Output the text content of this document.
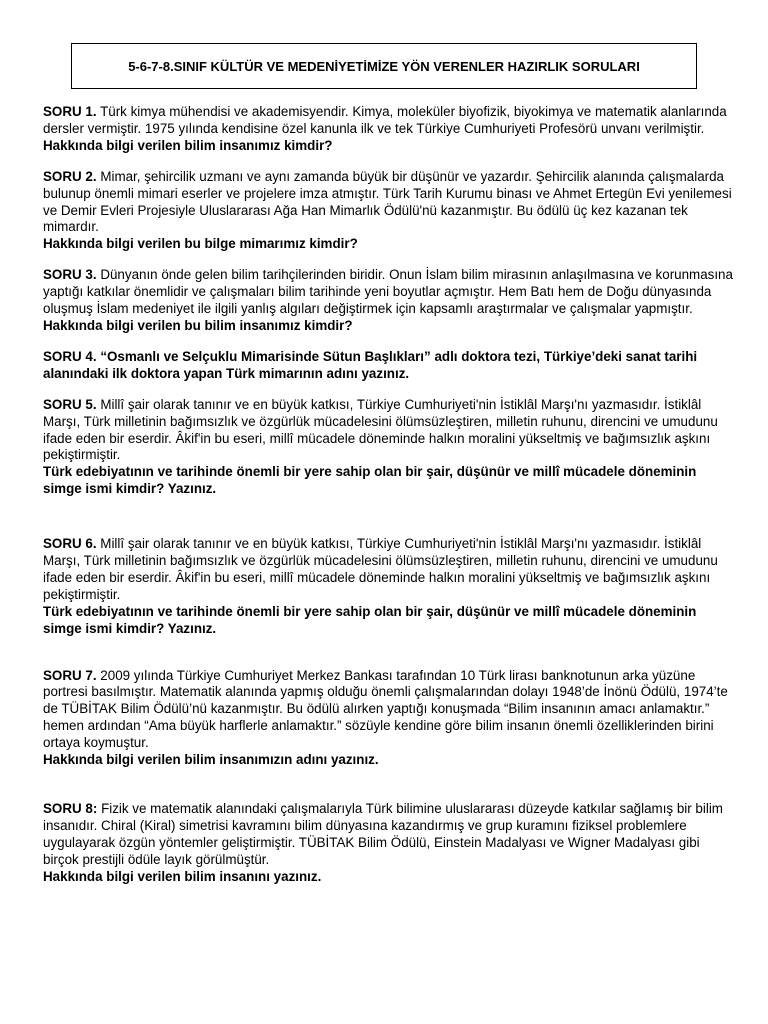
5-6-7-8.SINIF KÜLTÜR VE MEDENİYETİMİZE YÖN VERENLER HAZIRLIK SORULARI

SORU 1. Türk kimya mühendisi ve akademisyendir. Kimya, moleküler biyofizik, biyokimya ve matematik alanlarında dersler vermiştir. 1975 yılında kendisine özel kanunla ilk ve tek Türkiye Cumhuriyeti Profesörü unvanı verilmiştir.

Hakkında bilgi verilen bilim insanımız kimdir?

SORU 2. Mimar, şehircilik uzmanı ve aynı zamanda büyük bir düşünür ve yazardır. Şehircilik alanında çalışmalarda bulunup önemli mimari eserler ve projelere imza atmıştır. Türk Tarih Kurumu binası ve Ahmet Ertegün Evi yenilemesi ve Demir Evleri Projesiyle Uluslararası Ağa Han Mimarlık Ödülü'nü kazanmıştır. Bu ödülü üç kez kazanan tek mimardır.

Hakkında bilgi verilen bu bilge mimarımız kimdir?

SORU 3. Dünyanın önde gelen bilim tarihçilerinden biridir. Onun İslam bilim mirasının anlaşılmasına ve korunmasına yaptığı katkılar önemlidir ve çalışmaları bilim tarihinde yeni boyutlar açmıştır. Hem Batı hem de Doğu dünyasında oluşmuş İslam medeniyet ile ilgili yanlış algıları değiştirmek için kapsamlı araştırmalar ve çalışmalar yapmıştır.

Hakkında bilgi verilen bu bilim insanımız kimdir?

SORU 4. “Osmanlı ve Selçuklu Mimarisinde Sütun Başlıkları” adlı doktora tezi, Türkiye’deki sanat tarihi alanındaki ilk doktora yapan Türk mimarının adını yazınız.

SORU 5. Millî şair olarak tanınır ve en büyük katkısı, Türkiye Cumhuriyeti'nin İstiklâl Marşı'nı yazmasıdır. İstiklâl Marşı, Türk milletinin bağımsızlık ve özgürlük mücadelesini ölümsüzleştiren, milletin ruhunu, direncini ve umudunu ifade eden bir eserdir. Âkif'in bu eseri, millî mücadele döneminde halkın moralini yükseltmiş ve bağımsızlık aşkını pekiştirmiştir.

Türk edebiyatının ve tarihinde önemli bir yere sahip olan bir şair, düşünür ve millî mücadele döneminin simge ismi kimdir? Yazınız.

SORU 6. Millî şair olarak tanınır ve en büyük katkısı, Türkiye Cumhuriyeti'nin İstiklâl Marşı'nı yazmasıdır. İstiklâl Marşı, Türk milletinin bağımsızlık ve özgürlük mücadelesini ölümsüzleştiren, milletin ruhunu, direncini ve umudunu ifade eden bir eserdir. Âkif'in bu eseri, millî mücadele döneminde halkın moralini yükseltmiş ve bağımsızlık aşkını pekiştirmiştir.

Türk edebiyatının ve tarihinde önemli bir yere sahip olan bir şair, düşünür ve millî mücadele döneminin simge ismi kimdir? Yazınız.

SORU 7. 2009 yılında Türkiye Cumhuriyet Merkez Bankası tarafından 10 Türk lirası banknotunun arka yüzüne portresi basılmıştır. Matematik alanında yapmış olduğu önemli çalışmalarından dolayı 1948’de İnönü Ödülü, 1974’te de TÜBİTAK Bilim Ödülü’nü kazanmıştır. Bu ödülü alırken yaptığı konuşmada “Bilim insanının amacı anlamaktır.” hemen ardından “Ama büyük harflerle anlamaktır.” sözüyle kendine göre bilim insanın önemli özelliklerinden birini ortaya koymuştur.

Hakkında bilgi verilen bilim insanımızın adını yazınız.

SORU 8: Fizik ve matematik alanındaki çalışmalarıyla Türk bilimine uluslararası düzeyde katkılar sağlamış bir bilim insanıdır. Chiral (Kiral) simetrisi kavramını bilim dünyasına kazandırmış ve grup kuramını fiziksel problemlere uygulayarak özgün yöntemler geliştirmiştir. TÜBİTAK Bilim Ödülü, Einstein Madalyası ve Wigner Madalyası gibi birçok prestijli ödüle layık görülmüştür.

Hakkında bilgi verilen bilim insanını yazınız.
